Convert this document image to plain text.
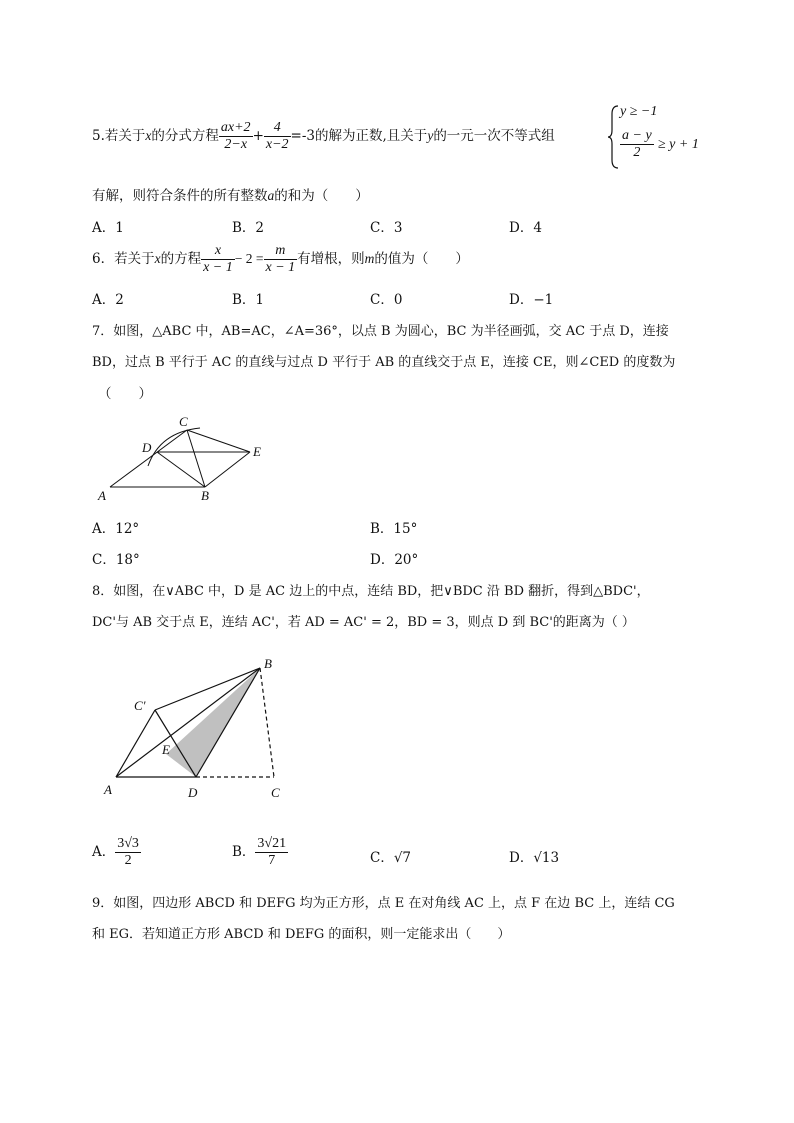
5.若关于x的分式方程 $\frac{ax+2}{2-x} + \frac{4}{x-2} =-3$的解为正数,且关于y的一元一次不等式组
y ≥ −1
$\frac{a - y}{2} \ge y + 1$
有解，则符合条件的所有整数a的和为（　　）
A．1	B．2	C．3	D．4
6．若关于x的方程 $\frac{x}{x - 1} - 2 = \frac{m}{x - 1}$ 有增根，则m的值为（　　）
A．2	B．1	C．0	D．−1
7．如图，△ABC 中，AB=AC，∠A=36°，以点 B 为圆心，BC 为半径画弧，交 AC 于点 D，连接
BD，过点 B 平行于 AC 的直线与过点 D 平行于 AB 的直线交于点 E，连接 CE，则∠CED 的度数为
（　　）
C
D	E
A	B
A．12°	B．15°
C．18°	D．20°
8．如图，在∨ABC 中，D 是 AC 边上的中点，连结 BD，把∨BDC 沿 BD 翻折，得到△BDC'，
DC'与 AB 交于点 E，连结 AC'，若 AD = AC' = 2，BD = 3，则点 D 到 BC'的距离为（ ）
B
C'
E
A	D	C
A． $\frac{3√3}{2}$	B． $\frac{3√21}{7}$	C．√7	D．√13
9．如图，四边形 ABCD 和 DEFG 均为正方形，点 E 在对角线 AC 上，点 F 在边 BC 上，连结 CG
和 EG．若知道正方形 ABCD 和 DEFG 的面积，则一定能求出（　　）
